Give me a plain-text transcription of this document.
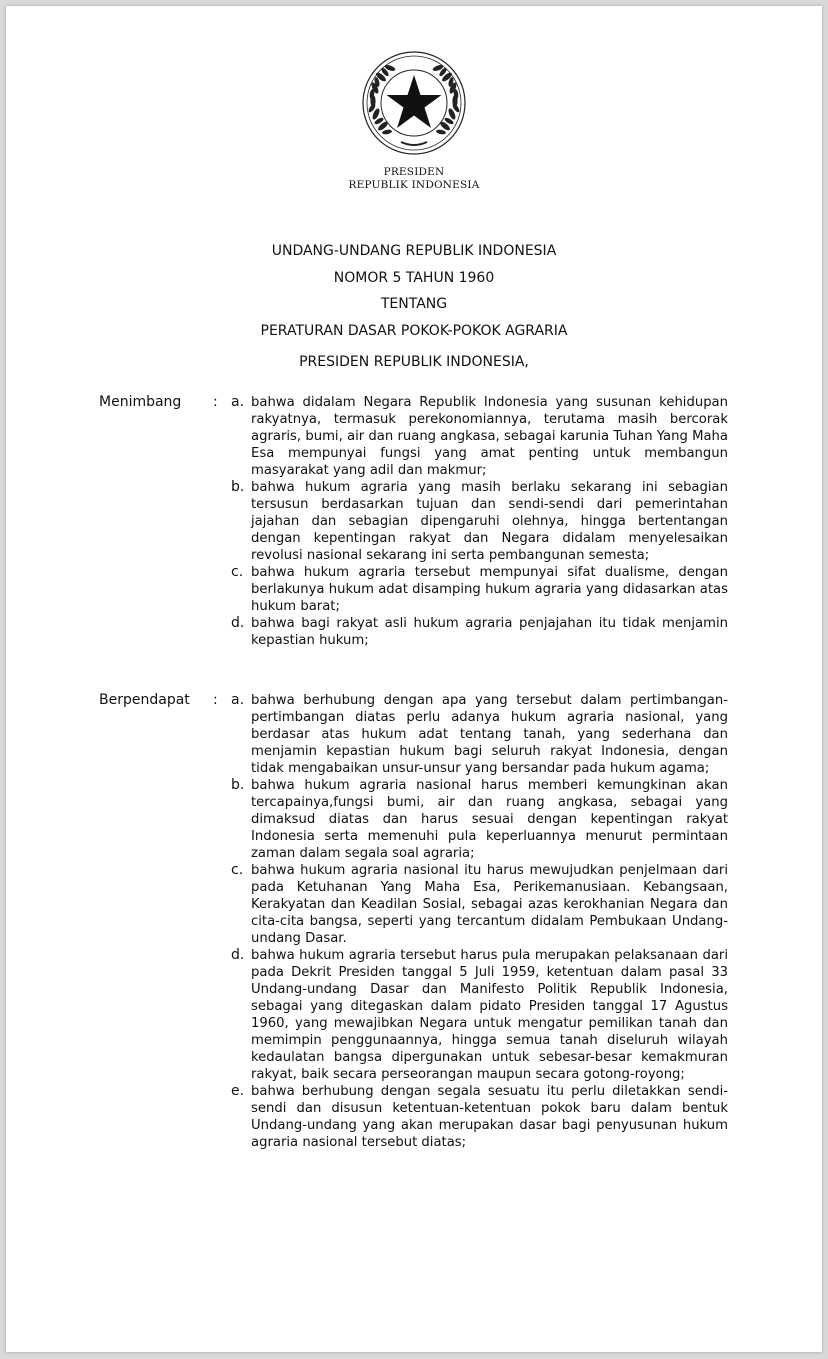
PRESIDEN
REPUBLIK INDONESIA
UNDANG-UNDANG REPUBLIK INDONESIA
NOMOR 5 TAHUN 1960
TENTANG
PERATURAN DASAR POKOK-POKOK AGRARIA
PRESIDEN REPUBLIK INDONESIA,
Menimbang : a. bahwa didalam Negara Republik Indonesia yang susunan kehidupan rakyatnya, termasuk perekonomiannya, terutama masih bercorak agraris, bumi, air dan ruang angkasa, sebagai karunia Tuhan Yang Maha Esa mempunyai fungsi yang amat penting untuk membangun masyarakat yang adil dan makmur;
b. bahwa hukum agraria yang masih berlaku sekarang ini sebagian tersusun berdasarkan tujuan dan sendi-sendi dari pemerintahan jajahan dan sebagian dipengaruhi olehnya, hingga bertentangan dengan kepentingan rakyat dan Negara didalam menyelesaikan revolusi nasional sekarang ini serta pembangunan semesta;
c. bahwa hukum agraria tersebut mempunyai sifat dualisme, dengan berlakunya hukum adat disamping hukum agraria yang didasarkan atas hukum barat;
d. bahwa bagi rakyat asli hukum agraria penjajahan itu tidak menjamin kepastian hukum;
Berpendapat : a. bahwa berhubung dengan apa yang tersebut dalam pertimbangan-pertimbangan diatas perlu adanya hukum agraria nasional, yang berdasar atas hukum adat tentang tanah, yang sederhana dan menjamin kepastian hukum bagi seluruh rakyat Indonesia, dengan tidak mengabaikan unsur-unsur yang bersandar pada hukum agama;
b. bahwa hukum agraria nasional harus memberi kemungkinan akan tercapainya,fungsi bumi, air dan ruang angkasa, sebagai yang dimaksud diatas dan harus sesuai dengan kepentingan rakyat Indonesia serta memenuhi pula keperluannya menurut permintaan zaman dalam segala soal agraria;
c. bahwa hukum agraria nasional itu harus mewujudkan penjelmaan dari pada Ketuhanan Yang Maha Esa, Perikemanusiaan. Kebangsaan, Kerakyatan dan Keadilan Sosial, sebagai azas kerokhanian Negara dan cita-cita bangsa, seperti yang tercantum didalam Pembukaan Undang-undang Dasar.
d. bahwa hukum agraria tersebut harus pula merupakan pelaksanaan dari pada Dekrit Presiden tanggal 5 Juli 1959, ketentuan dalam pasal 33 Undang-undang Dasar dan Manifesto Politik Republik Indonesia, sebagai yang ditegaskan dalam pidato Presiden tanggal 17 Agustus 1960, yang mewajibkan Negara untuk mengatur pemilikan tanah dan memimpin penggunaannya, hingga semua tanah diseluruh wilayah kedaulatan bangsa dipergunakan untuk sebesar-besar kemakmuran rakyat, baik secara perseorangan maupun secara gotong-royong;
e. bahwa berhubung dengan segala sesuatu itu perlu diletakkan sendi-sendi dan disusun ketentuan-ketentuan pokok baru dalam bentuk Undang-undang yang akan merupakan dasar bagi penyusunan hukum agraria nasional tersebut diatas;
